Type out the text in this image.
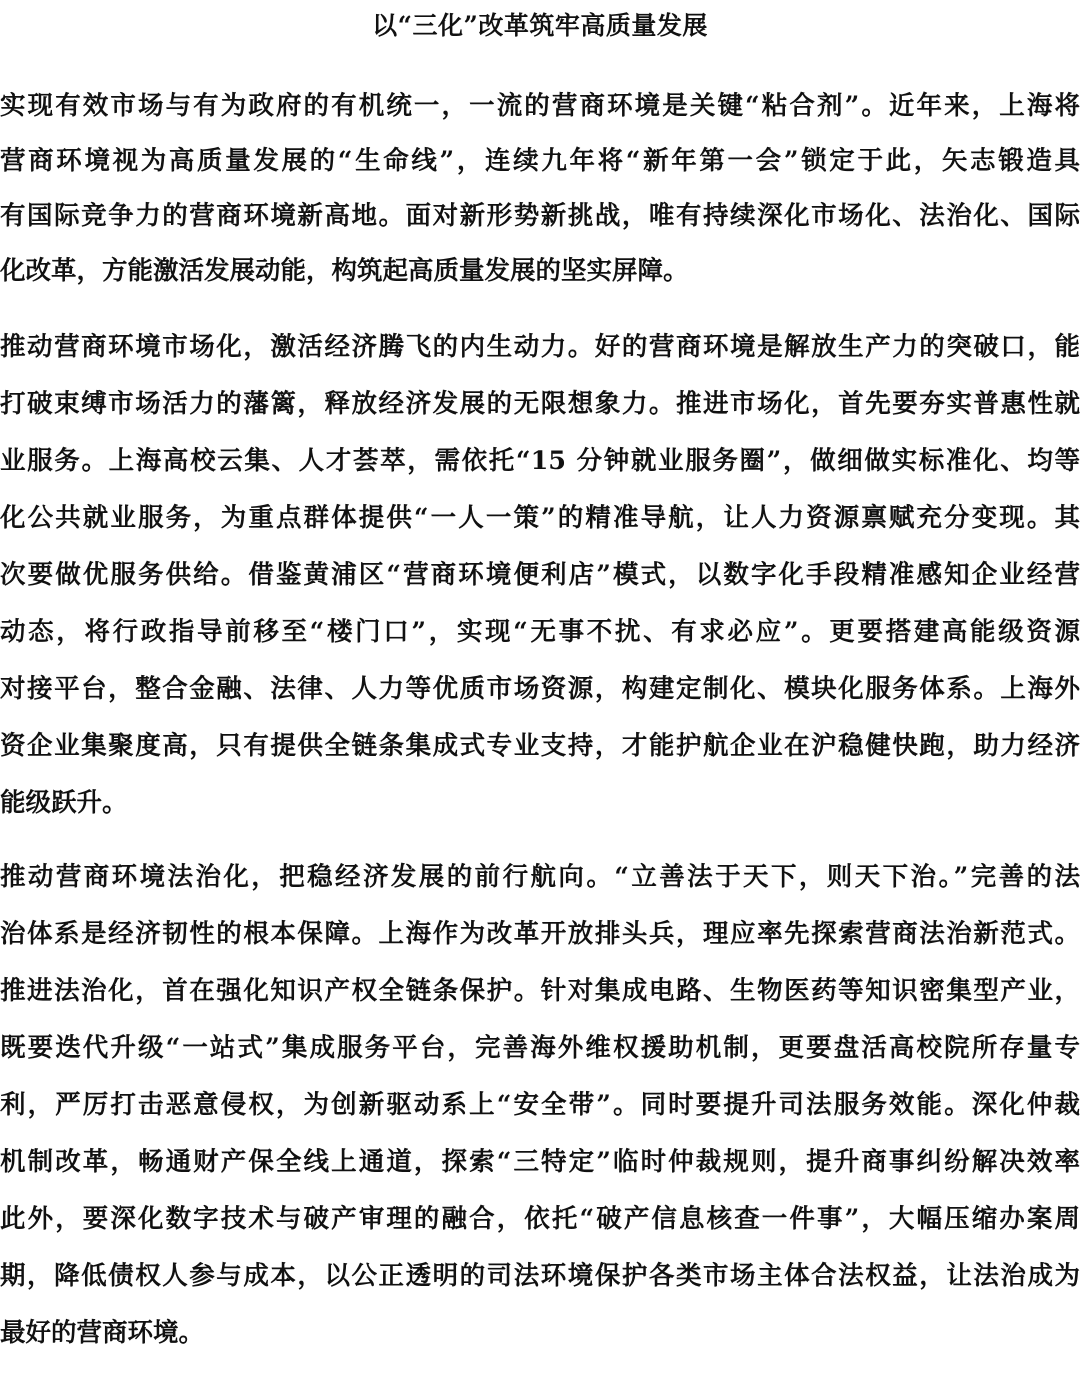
以“三化”改革筑牢高质量发展
实现有效市场与有为政府的有机统一，一流的营商环境是关键“粘合剂”。近年来，上海将
营商环境视为高质量发展的“生命线”，连续九年将“新年第一会”锁定于此，矢志锻造具
有国际竞争力的营商环境新高地。面对新形势新挑战，唯有持续深化市场化、法治化、国际
化改革，方能激活发展动能，构筑起高质量发展的坚实屏障。
推动营商环境市场化，激活经济腾飞的内生动力。好的营商环境是解放生产力的突破口，能
打破束缚市场活力的藩篱，释放经济发展的无限想象力。推进市场化，首先要夯实普惠性就
业服务。上海高校云集、人才荟萃，需依托“15 分钟就业服务圈”，做细做实标准化、均等
化公共就业服务，为重点群体提供“一人一策”的精准导航，让人力资源禀赋充分变现。其
次要做优服务供给。借鉴黄浦区“营商环境便利店”模式，以数字化手段精准感知企业经营
动态，将行政指导前移至“楼门口”，实现“无事不扰、有求必应”。更要搭建高能级资源
对接平台，整合金融、法律、人力等优质市场资源，构建定制化、模块化服务体系。上海外
资企业集聚度高，只有提供全链条集成式专业支持，才能护航企业在沪稳健快跑，助力经济
能级跃升。
推动营商环境法治化，把稳经济发展的前行航向。“立善法于天下，则天下治。”完善的法
治体系是经济韧性的根本保障。上海作为改革开放排头兵，理应率先探索营商法治新范式。
推进法治化，首在强化知识产权全链条保护。针对集成电路、生物医药等知识密集型产业，
既要迭代升级“一站式”集成服务平台，完善海外维权援助机制，更要盘活高校院所存量专
利，严厉打击恶意侵权，为创新驱动系上“安全带”。同时要提升司法服务效能。深化仲裁
机制改革，畅通财产保全线上通道，探索“三特定”临时仲裁规则，提升商事纠纷解决效率
此外，要深化数字技术与破产审理的融合，依托“破产信息核查一件事”，大幅压缩办案周
期，降低债权人参与成本，以公正透明的司法环境保护各类市场主体合法权益，让法治成为
最好的营商环境。
